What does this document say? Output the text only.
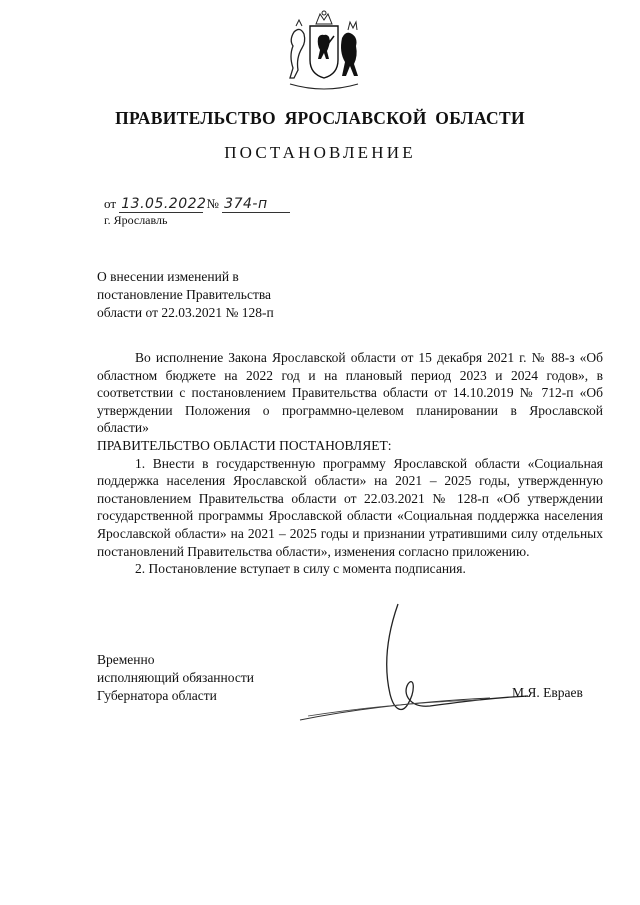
ПРАВИТЕЛЬСТВО ЯРОСЛАВСКОЙ ОБЛАСТИ
ПОСТАНОВЛЕНИЕ
от 13.05.2022 № 374-п
г. Ярославль
О внесении изменений в
постановление Правительства
области от 22.03.2021 № 128-п

Во исполнение Закона Ярославской области от 15 декабря 2021 г. № 88-з «Об областном бюджете на 2022 год и на плановый период 2023 и 2024 годов», в соответствии с постановлением Правительства области от 14.10.2019 № 712-п «Об утверждении Положения о программно-целевом планировании в Ярославской области»

ПРАВИТЕЛЬСТВО ОБЛАСТИ ПОСТАНОВЛЯЕТ:

1. Внести в государственную программу Ярославской области «Социальная поддержка населения Ярославской области» на 2021 – 2025 годы, утвержденную постановлением Правительства области от 22.03.2021 № 128-п «Об утверждении государственной программы Ярославской области «Социальная поддержка населения Ярославской области» на 2021 – 2025 годы и признании утратившими силу отдельных постановлений Правительства области», изменения согласно приложению.

2. Постановление вступает в силу с момента подписания.

Временно
исполняющий обязанности
Губернатора области	М.Я. Евраев
